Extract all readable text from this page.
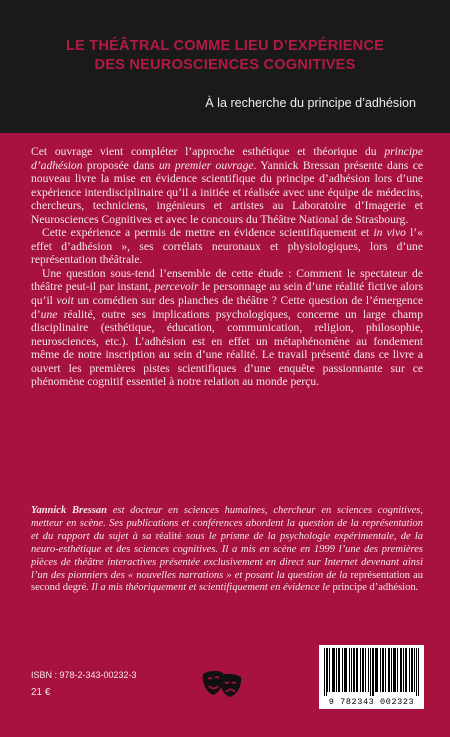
LE THÉÂTRAL COMME LIEU D’EXPÉRIENCE
DES NEUROSCIENCES COGNITIVES
À la recherche du principe d’adhésion

Cet ouvrage vient compléter l’approche esthétique et théorique du principe d’adhésion proposée dans un premier ouvrage. Yannick Bressan présente dans ce nouveau livre la mise en évidence scientifique du principe d’adhésion lors d’une expérience interdisciplinaire qu’il a initiée et réalisée avec une équipe de médecins, chercheurs, techniciens, ingénieurs et artistes au Laboratoire d’Imagerie et Neurosciences Cognitives et avec le concours du Théâtre National de Strasbourg.

Cette expérience a permis de mettre en évidence scientifiquement et in vivo l’« effet d’adhésion », ses corrélats neuronaux et physiologiques, lors d’une représentation théâtrale.

Une question sous-tend l’ensemble de cette étude : Comment le spectateur de théâtre peut-il par instant, percevoir le personnage au sein d’une réalité fictive alors qu’il voit un comédien sur des planches de théâtre ? Cette question de l’émergence d’une réalité, outre ses implications psychologiques, concerne un large champ disciplinaire (esthétique, éducation, communication, religion, philosophie, neurosciences, etc.). L’adhésion est en effet un métaphénomène au fondement même de notre inscription au sein d’une réalité. Le travail présenté dans ce livre a ouvert les premières pistes scientifiques d’une enquête passionnante sur ce phénomène cognitif essentiel à notre relation au monde perçu.

Yannick Bressan est docteur en sciences humaines, chercheur en sciences cognitives, metteur en scène. Ses publications et conférences abordent la question de la représentation et du rapport du sujet à sa réalité sous le prisme de la psychologie expérimentale, de la neuro-esthétique et des sciences cognitives. Il a mis en scène en 1999 l’une des premières pièces de théâtre interactives présentée exclusivement en direct sur Internet devenant ainsi l’un des pionniers des « nouvelles narrations » et posant la question de la représentation au second degré. Il a mis théoriquement et scientifiquement en évidence le principe d’adhésion.

ISBN : 978-2-343-00232-3
21 €
9 782343 002323
